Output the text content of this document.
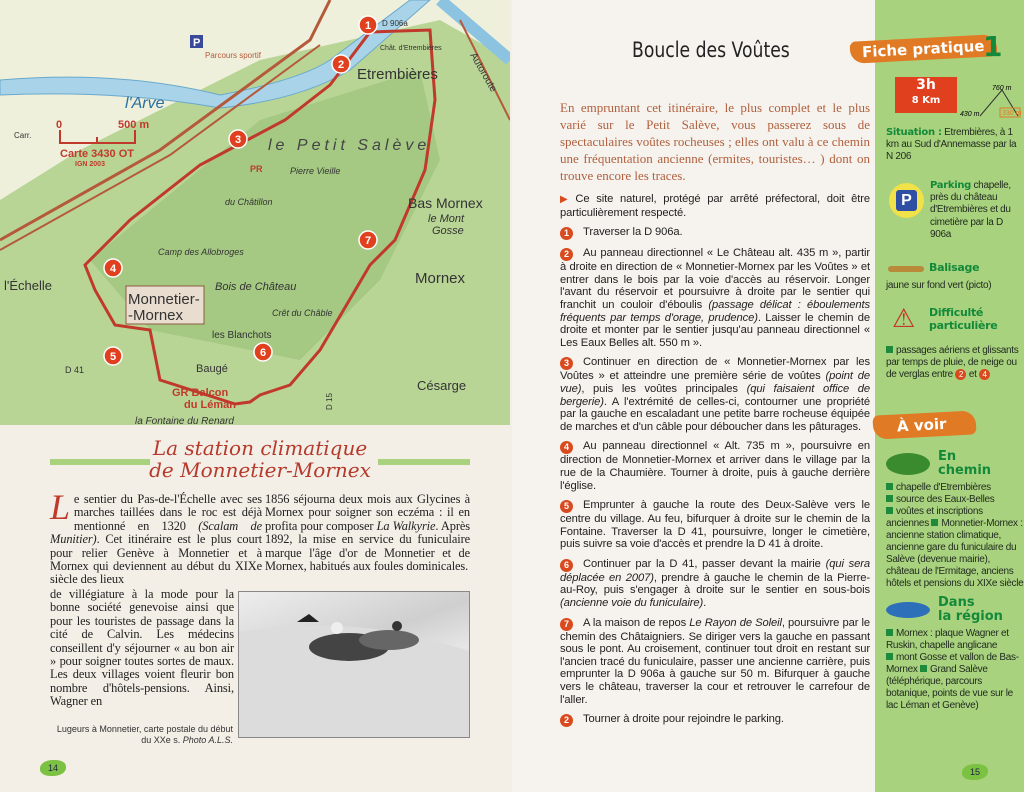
Etrembières
l'Arve
Bas Mornex
le Mont
Gosse
Mornex
Monnetier-
-Mornex
l'Échelle
Baugé
Césarge
GR Balcon
du Léman
le Petit Salève
Bois de Château
Camp des Allobroges
Pierre Vieille
du Châtillon
Crêt du Châble
les Blanchots
la Fontaine du Renard
D 906a
D 41
D 15
Autoroute
Parcours sportif
Chât. d'Etrembières
Carr.
PR
0	500 m
Carte 3430 OT
IGN 2003
P
1
2
3
4
5	6
7
La station climatique
de Monnetier-Mornex
Le sentier du Pas-de-l'Échelle avec ses marches taillées dans le roc est déjà mentionné en 1320 (Scalam de Munitier). Cet itinéraire est le plus court pour relier Genève à Monnetier et à Mornex qui deviennent au début du XIXe siècle des lieux
de villégiature à la mode pour la bonne société genevoise ainsi que pour les touristes de passage dans la cité de Calvin. Les médecins conseillent d'y séjourner « au bon air » pour soigner toutes sortes de maux. Les deux villages voient fleurir bon nombre d'hôtels-pensions. Ainsi, Wagner en
1856 séjourna deux mois aux Glycines à Mornex pour soigner son eczéma : il en profita pour composer La Walkyrie. Après 1892, la mise en service du funiculaire marque l'âge d'or de Monnetier et de Mornex, habitués aux foules dominicales.
Lugeurs à Monnetier, carte postale du début du XXe s. Photo A.L.S.
14
Boucle des Voûtes
En empruntant cet itinéraire, le plus complet et le plus varié sur le Petit Salève, vous passerez sous de spectaculaires voûtes rocheuses ; elles ont valu à ce chemin une fréquentation ancienne (ermites, touristes… ) dont on trouve encore les traces.
▶ Ce site naturel, protégé par arrêté préfectoral, doit être particulièrement respecté.
1 Traverser la D 906a.
2 Au panneau directionnel « Le Château alt. 435 m », partir à droite en direction de « Monnetier-Mornex par les Voûtes » et entrer dans le bois par la voie d'accès au réservoir. Longer l'avant du réservoir et poursuivre à droite par le sentier qui franchit un couloir d'éboulis (passage délicat : éboulements fréquents par temps d'orage, prudence). Laisser le chemin de droite et monter par le sentier jusqu'au panneau directionnel « Les Eaux Belles alt. 550 m ».
3 Continuer en direction de « Monnetier-Mornex par les Voûtes » et atteindre une première série de voûtes (point de vue), puis les voûtes principales (qui faisaient office de bergerie). A l'extrémité de celles-ci, contourner une propriété par la gauche en escaladant une petite barre rocheuse équipée de marches et d'un câble pour déboucher dans les pâturages.
4 Au panneau directionnel « Alt. 735 m », poursuivre en direction de Monnetier-Mornex et arriver dans le village par la rue de la Chaumière. Tourner à droite, puis à gauche derrière l'église.
5 Emprunter à gauche la route des Deux-Salève vers le centre du village. Au feu, bifurquer à droite sur le chemin de la Fontaine. Traverser la D 41, poursuivre, longer le cimetière, puis suivre sa voie d'accès et prendre la D 41 à droite.
6 Continuer par la D 41, passer devant la mairie (qui sera déplacée en 2007), prendre à gauche le chemin de la Pierre-au-Roy, puis s'engager à droite sur le sentier en sous-bois (ancienne voie du funiculaire).
7 A la maison de repos Le Rayon de Soleil, poursuivre par le chemin des Châtaigniers. Se diriger vers la gauche en passant sous le pont. Au croisement, continuer tout droit en restant sur l'ancien tracé du funiculaire, passer une ancienne carrière, puis emprunter la D 906a à gauche sur 50 m. Bifurquer à gauche vers le château, traverser la cour et retrouver le carrefour de l'aller.
2 Tourner à droite pour rejoindre le parking.
Fiche pratique
1
3h
8 Km
760 m
430 m	330 m
Situation : Etrembières, à 1 km au Sud d'Annemasse par la N 206
P
Parking chapelle, près du château d'Etrembières et du cimetière par la D 906a
Balisage
jaune sur fond vert (picto)
⚠ Difficulté
particulière
passages aériens et glissants par temps de pluie, de neige ou de verglas entre 2 et 4
À voir
En
chemin
chapelle d'Etrembières
source des Eaux-Belles
voûtes et inscriptions anciennes Monnetier-Mornex : ancienne station climatique, ancienne gare du funiculaire du Salève (devenue mairie), château de l'Ermitage, anciens hôtels et pensions du XIXe siècle
Dans
la région
Mornex : plaque Wagner et Ruskin, chapelle anglicane
mont Gosse et vallon de Bas-Mornex Grand Salève (téléphérique, parcours botanique, points de vue sur le lac Léman et Genève)
15
